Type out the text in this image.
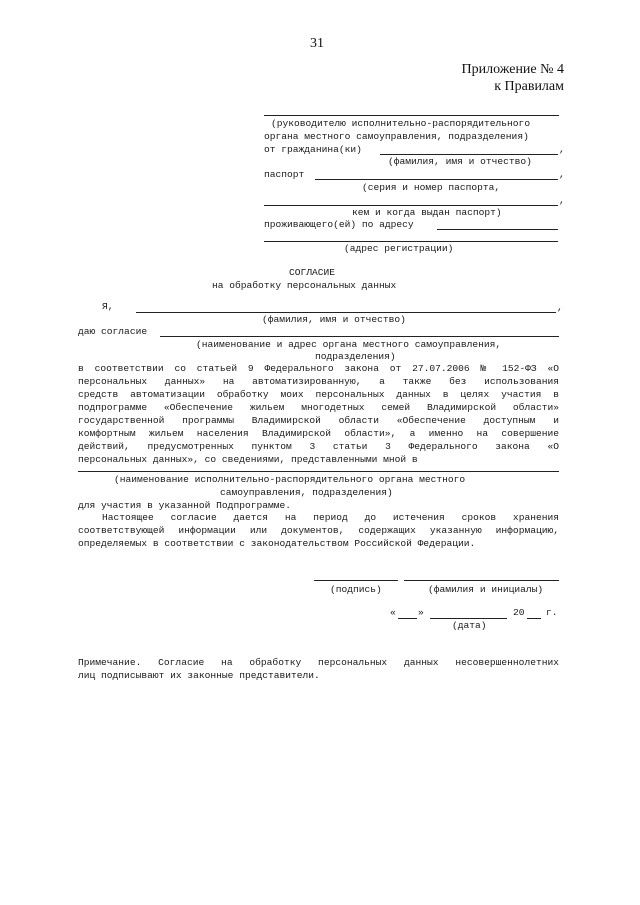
31
Приложение № 4
к Правилам
(руководителю исполнительно-распорядительного
органа местного самоуправления, подразделения)
от гражданина(ки)	,
(фамилия, имя и отчество)
паспорт	,
(серия и номер паспорта,
,
кем и когда выдан паспорт)
проживающего(ей) по адресу
(адрес регистрации)
СОГЛАСИЕ
на обработку персональных данных
Я,	,
(фамилия, имя и отчество)
даю согласие
(наименование и адрес органа местного самоуправления,
подразделения)
в соответствии со статьей 9 Федерального закона от 27.07.2006 № 152-ФЗ «О
персональных данных» на автоматизированную, а также без использования
средств автоматизации обработку моих персональных данных в целях участия в
подпрограмме «Обеспечение жильем многодетных семей Владимирской области»
государственной программы Владимирской области «Обеспечение доступным и
комфортным жильем населения Владимирской области», а именно на совершение
действий, предусмотренных пунктом 3 статьи 3 Федерального закона «О
персональных данных», со сведениями, представленными мной в
(наименование исполнительно-распорядительного органа местного
самоуправления, подразделения)
для участия в указанной Подпрограмме.
Настоящее согласие дается на период до истечения сроков хранения
соответствующей информации или документов, содержащих указанную информацию,
определяемых в соответствии с законодательством Российской Федерации.
(подпись)	(фамилия и инициалы)
« »	20 г.
(дата)
Примечание. Согласие на обработку персональных данных несовершеннолетних
лиц подписывают их законные представители.
